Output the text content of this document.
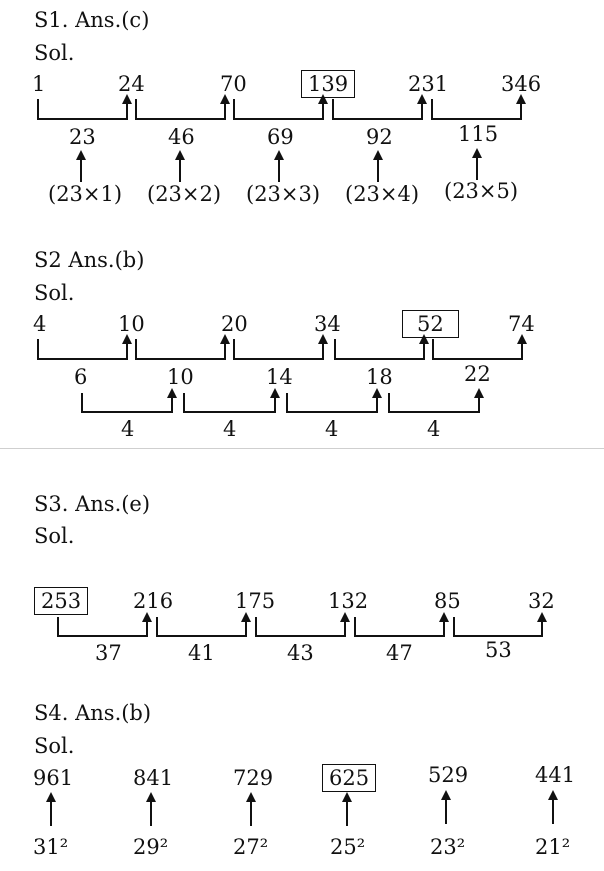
S1. Ans.(c)
Sol.
1	24	70	139	231	346
23	46	69	92	115
(23×1) (23×2) (23×3) (23×4) (23×5)
S2 Ans.(b)
Sol.
4	10	20	34	52	74
6	10	14	18	22
4	4	4	4
S3. Ans.(e)
Sol.
253	216	175	132	85	32
37	41	43	47	53
S4. Ans.(b)
Sol.
961	841	729	625	529	441
31²	29²	27²	25²	23²	21²
